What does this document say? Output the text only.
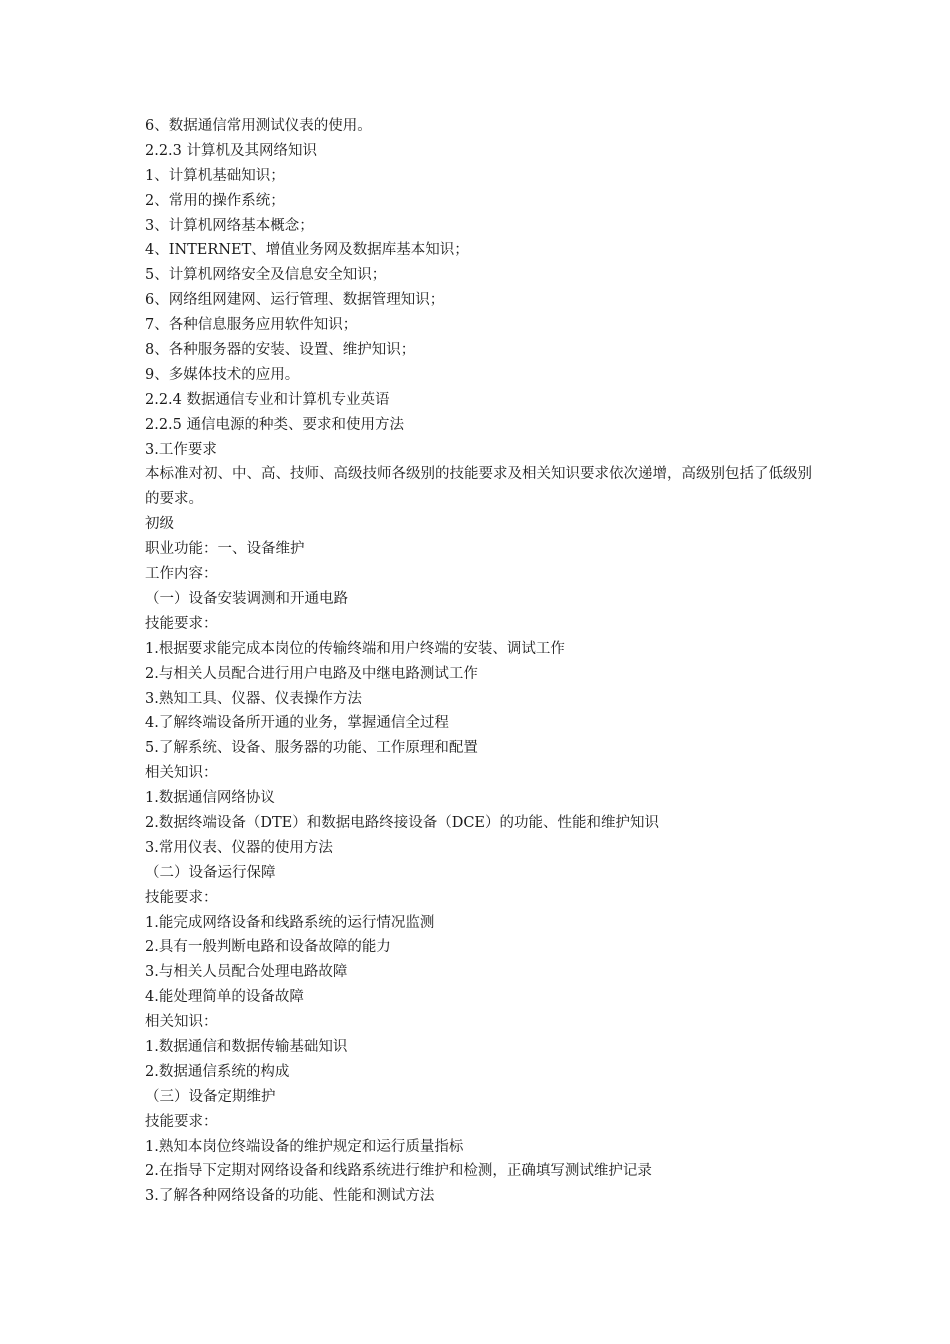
6、数据通信常用测试仪表的使用。
2.2.3 计算机及其网络知识
1、计算机基础知识；
2、常用的操作系统；
3、计算机网络基本概念；
4、INTERNET、增值业务网及数据库基本知识；
5、计算机网络安全及信息安全知识；
6、网络组网建网、运行管理、数据管理知识；
7、各种信息服务应用软件知识；
8、各种服务器的安装、设置、维护知识；
9、多媒体技术的应用。
2.2.4 数据通信专业和计算机专业英语
2.2.5 通信电源的种类、要求和使用方法
3.工作要求
本标准对初、中、高、技师、高级技师各级别的技能要求及相关知识要求依次递增，高级别包括了低级别的要求。
初级
职业功能：一、设备维护
工作内容：
（一）设备安装调测和开通电路
技能要求：
1.根据要求能完成本岗位的传输终端和用户终端的安装、调试工作
2.与相关人员配合进行用户电路及中继电路测试工作
3.熟知工具、仪器、仪表操作方法
4.了解终端设备所开通的业务，掌握通信全过程
5.了解系统、设备、服务器的功能、工作原理和配置
相关知识：
1.数据通信网络协议
2.数据终端设备（DTE）和数据电路终接设备（DCE）的功能、性能和维护知识
3.常用仪表、仪器的使用方法
（二）设备运行保障
技能要求：
1.能完成网络设备和线路系统的运行情况监测
2.具有一般判断电路和设备故障的能力
3.与相关人员配合处理电路故障
4.能处理简单的设备故障
相关知识：
1.数据通信和数据传输基础知识
2.数据通信系统的构成
（三）设备定期维护
技能要求：
1.熟知本岗位终端设备的维护规定和运行质量指标
2.在指导下定期对网络设备和线路系统进行维护和检测，正确填写测试维护记录
3.了解各种网络设备的功能、性能和测试方法
